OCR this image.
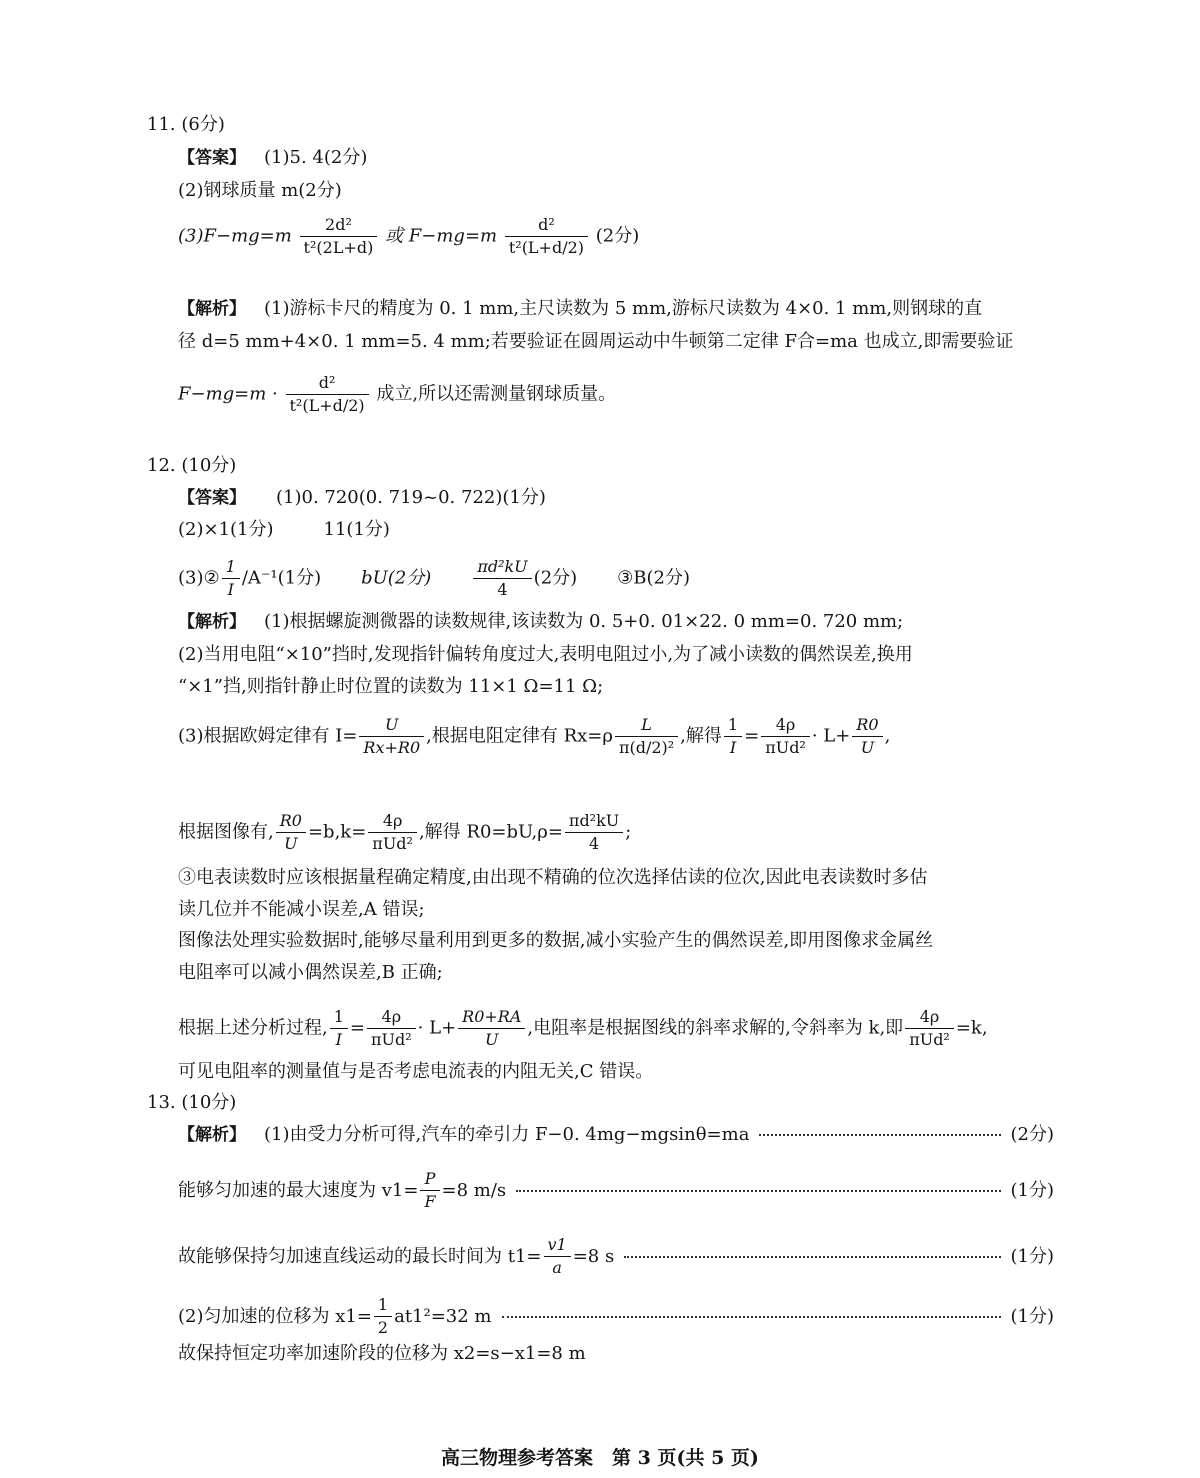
11. (6分)
【答案】 (1)5. 4(2分)
(2)钢球质量 m(2分)
$(3)F-mg=m \frac{\text{2d²}}{\text{t²(2L+d)}}$ 或 $F-mg=m \frac{\text{d²}}{\text{t²(L+d/2)}} (2$分)
【解析】 (1)游标卡尺的精度为 0. 1 mm,主尺读数为 5 mm,游标尺读数为 4×0. 1 mm,则钢球的直
径 d=5 mm+4×0. 1 mm=5. 4 mm;若要验证在圆周运动中牛顿第二定律 F合=ma 也成立,即需要验证
$F-mg=m \cdot \frac{\text{d²}}{\text{t²(L+d/2)}}$ 成立,所以还需测量钢球质量。
12. (10分)
【答案】 (1)0. 720(0. 719~0. 722)(1分)
(2)×1(1分)	11(1分)
(3)② $\frac{1}{I} /A^{-1}(1$分) bU(2分)	$\frac{\text{πd²kU}}{4} (2$分) ③B(2分)
【解析】 (1)根据螺旋测微器的读数规律,该读数为 0. 5+0. 01×22. 0 mm=0. 720 mm;
(2)当用电阻“×10”挡时,发现指针偏转角度过大,表明电阻过小,为了减小读数的偶然误差,换用
“×1”挡,则指针静止时位置的读数为 11×1 Ω=11 Ω;
(3)根据欧姆定律有 $I= \frac{U}{Rx+R0}$ ,根据电阻定律有 $Rx=\rho \frac{L}{\text{π(d/2)²}}$ ,解得 $\frac{1}{I} = \frac{4\rho}{\text{πUd²}} \cdot L+ \frac{R0}{U}$ ,
根据图像有, $\frac{R0}{U} =b,k= \frac{4\rho}{\text{πUd²}}$ ,解得 $R0=bU,\rho= \frac{\text{πd²kU}}{4}$ ;
③电表读数时应该根据量程确定精度,由出现不精确的位次选择估读的位次,因此电表读数时多估
读几位并不能减小误差,A 错误;
图像法处理实验数据时,能够尽量利用到更多的数据,减小实验产生的偶然误差,即用图像求金属丝
电阻率可以减小偶然误差,B 正确;
根据上述分析过程, $\frac{1}{I} = \frac{4\rho}{\text{πUd²}} \cdot L+ \frac{R0+RA}{U}$ ,电阻率是根据图线的斜率求解的,令斜率为 k,即 $\frac{4\rho}{\text{πUd²}} =k$,
可见电阻率的测量值与是否考虑电流表的内阻无关,C 错误。
13. (10分)
【解析】 (1)由受力分析可得,汽车的牵引力 F−0. 4mg−mgsinθ=ma	(2分)
能够匀加速的最大速度为 $v1= \frac{P}{F} =8$ m/s	(1分)
故能够保持匀加速直线运动的最长时间为 $t1= \frac{v1}{a} =8$ s	(1分)
(2)匀加速的位移为 $x1= \frac{1}{2} at1^2=32$ m	(1分)
故保持恒定功率加速阶段的位移为 x2=s−x1=8 m
高三物理参考答案　第 3 页(共 5 页)
